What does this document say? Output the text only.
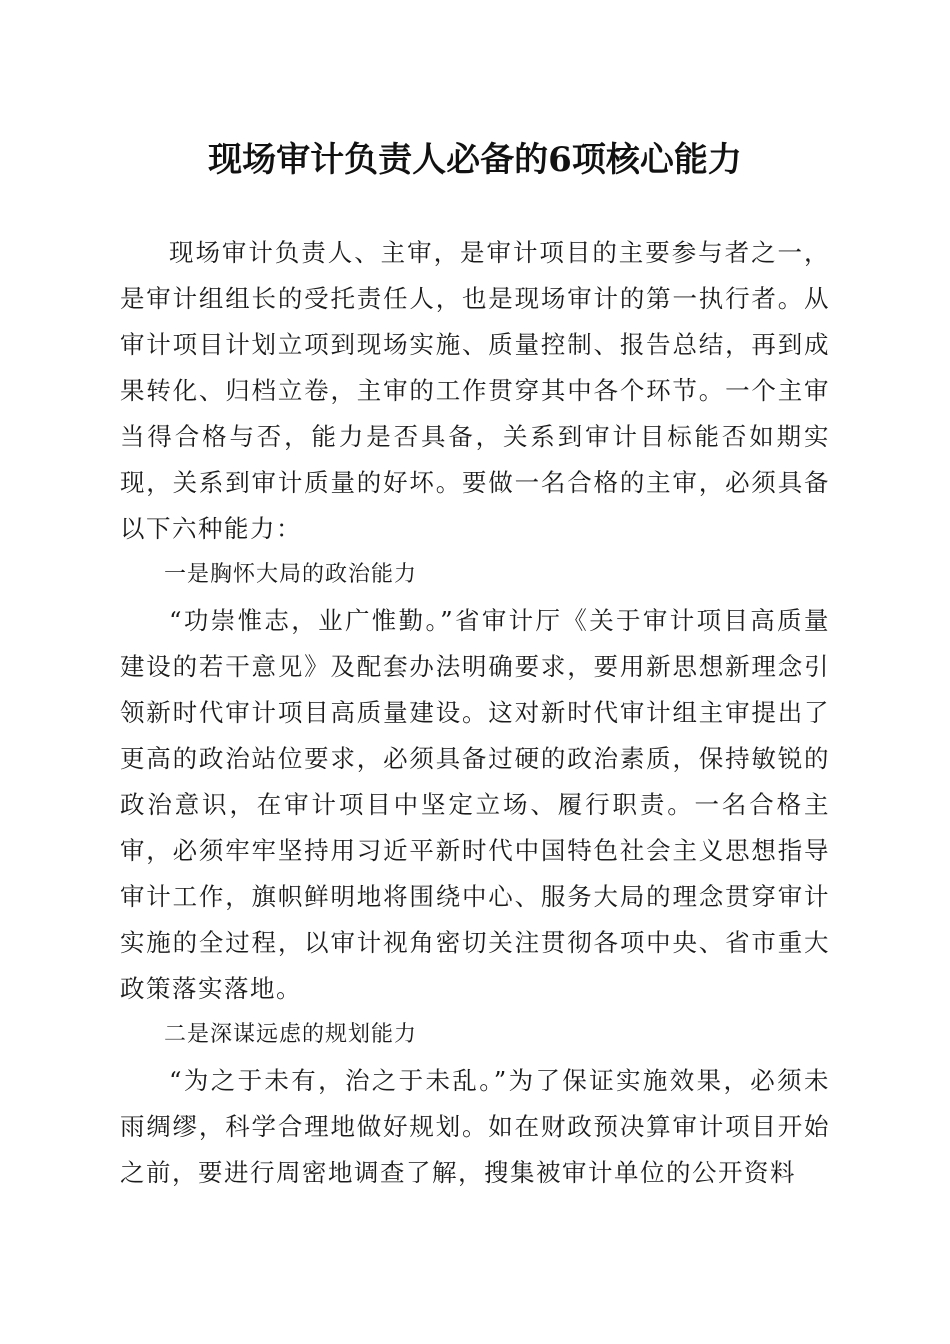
现场审计负责人必备的6项核心能力

现场审计负责人、主审，是审计项目的主要参与者之一，是审计组组长的受托责任人，也是现场审计的第一执行者。从审计项目计划立项到现场实施、质量控制、报告总结，再到成果转化、归档立卷，主审的工作贯穿其中各个环节。一个主审当得合格与否，能力是否具备，关系到审计目标能否如期实现，关系到审计质量的好坏。要做一名合格的主审，必须具备以下六种能力：

一是胸怀大局的政治能力

“功崇惟志，业广惟勤。”省审计厅《关于审计项目高质量建设的若干意见》及配套办法明确要求，要用新思想新理念引领新时代审计项目高质量建设。这对新时代审计组主审提出了更高的政治站位要求，必须具备过硬的政治素质，保持敏锐的政治意识，在审计项目中坚定立场、履行职责。一名合格主审，必须牢牢坚持用习近平新时代中国特色社会主义思想指导审计工作，旗帜鲜明地将围绕中心、服务大局的理念贯穿审计实施的全过程，以审计视角密切关注贯彻各项中央、省市重大政策落实落地。

二是深谋远虑的规划能力

“为之于未有，治之于未乱。”为了保证实施效果，必须未雨绸缪，科学合理地做好规划。如在财政预决算审计项目开始之前，要进行周密地调查了解，搜集被审计单位的公开资料
